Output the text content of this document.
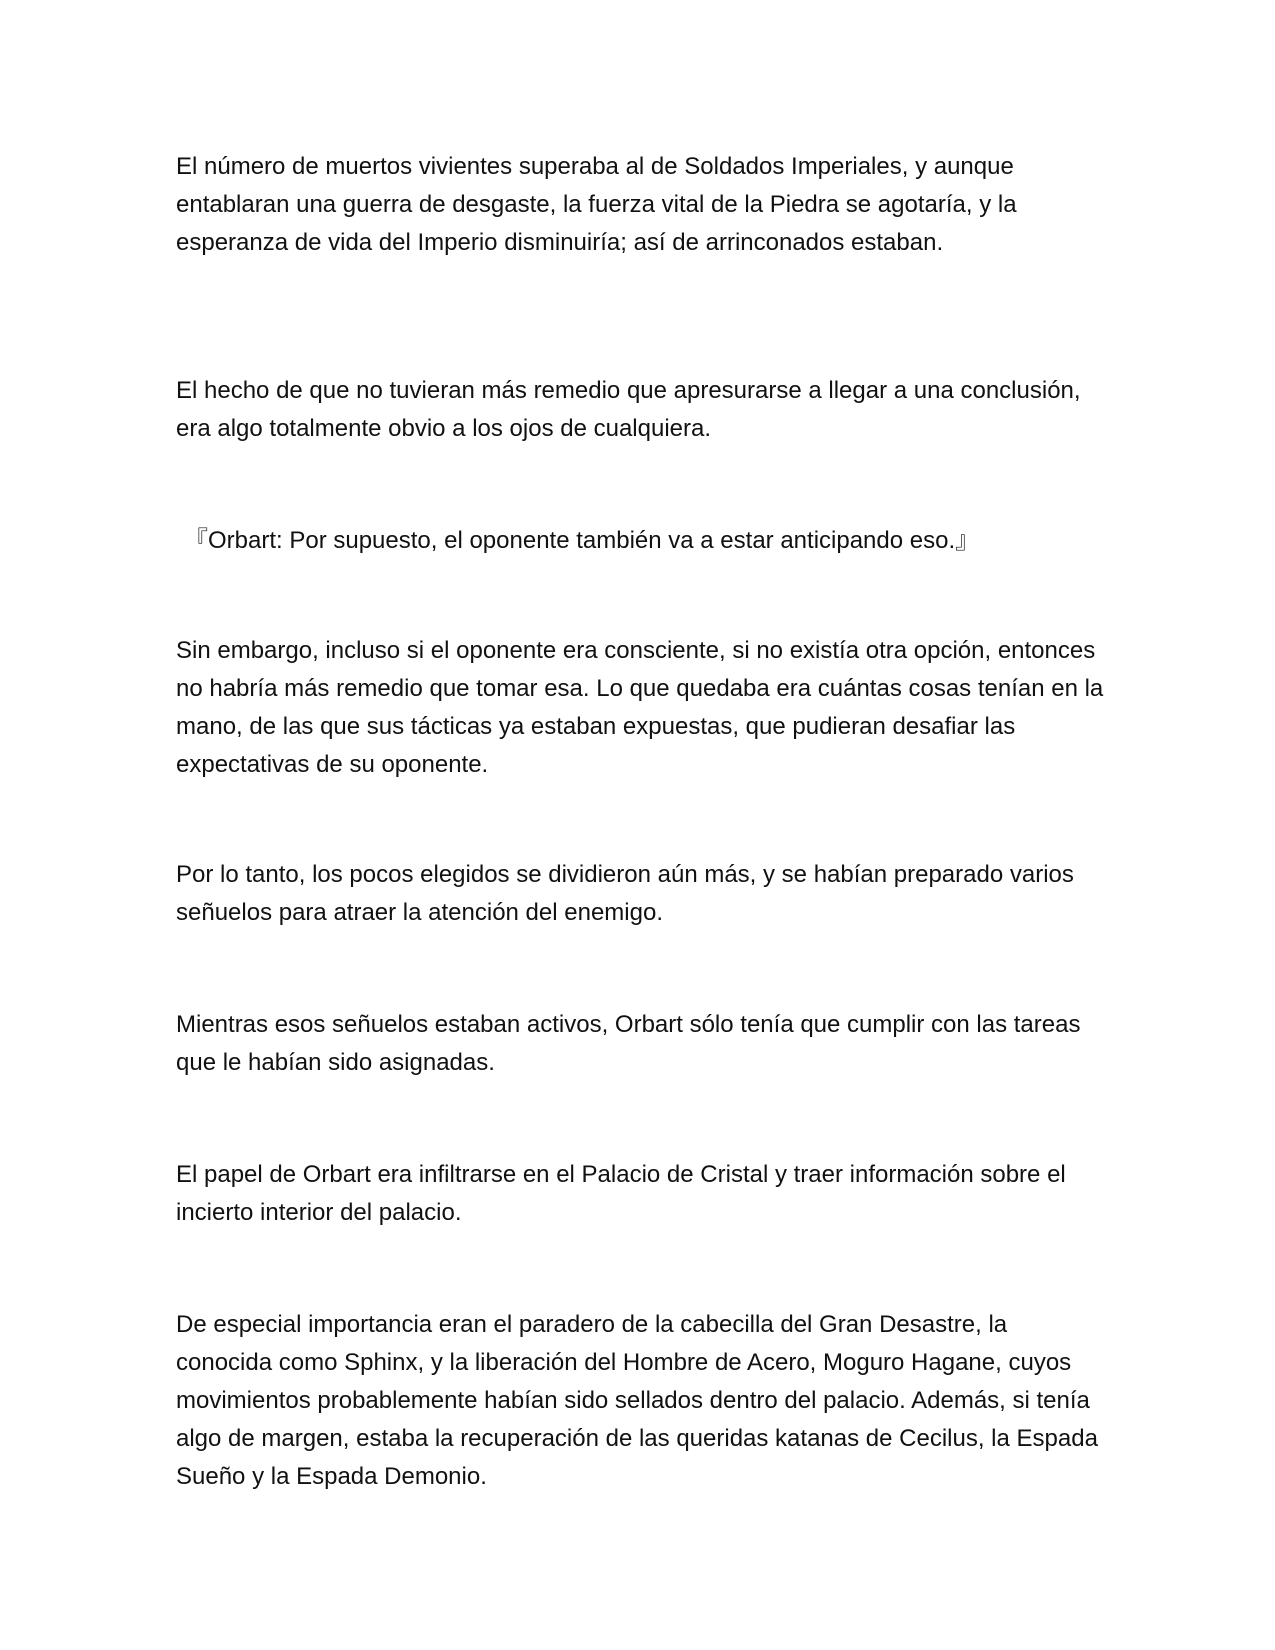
El número de muertos vivientes superaba al de Soldados Imperiales, y aunque entablaran una guerra de desgaste, la fuerza vital de la Piedra se agotaría, y la esperanza de vida del Imperio disminuiría; así de arrinconados estaban.

El hecho de que no tuvieran más remedio que apresurarse a llegar a una conclusión, era algo totalmente obvio a los ojos de cualquiera.

『Orbart: Por supuesto, el oponente también va a estar anticipando eso.』

Sin embargo, incluso si el oponente era consciente, si no existía otra opción, entonces no habría más remedio que tomar esa. Lo que quedaba era cuántas cosas tenían en la mano, de las que sus tácticas ya estaban expuestas, que pudieran desafiar las expectativas de su oponente.

Por lo tanto, los pocos elegidos se dividieron aún más, y se habían preparado varios señuelos para atraer la atención del enemigo.

Mientras esos señuelos estaban activos, Orbart sólo tenía que cumplir con las tareas que le habían sido asignadas.

El papel de Orbart era infiltrarse en el Palacio de Cristal y traer información sobre el incierto interior del palacio.

De especial importancia eran el paradero de la cabecilla del Gran Desastre, la conocida como Sphinx, y la liberación del Hombre de Acero, Moguro Hagane, cuyos movimientos probablemente habían sido sellados dentro del palacio. Además, si tenía algo de margen, estaba la recuperación de las queridas katanas de Cecilus, la Espada Sueño y la Espada Demonio.
